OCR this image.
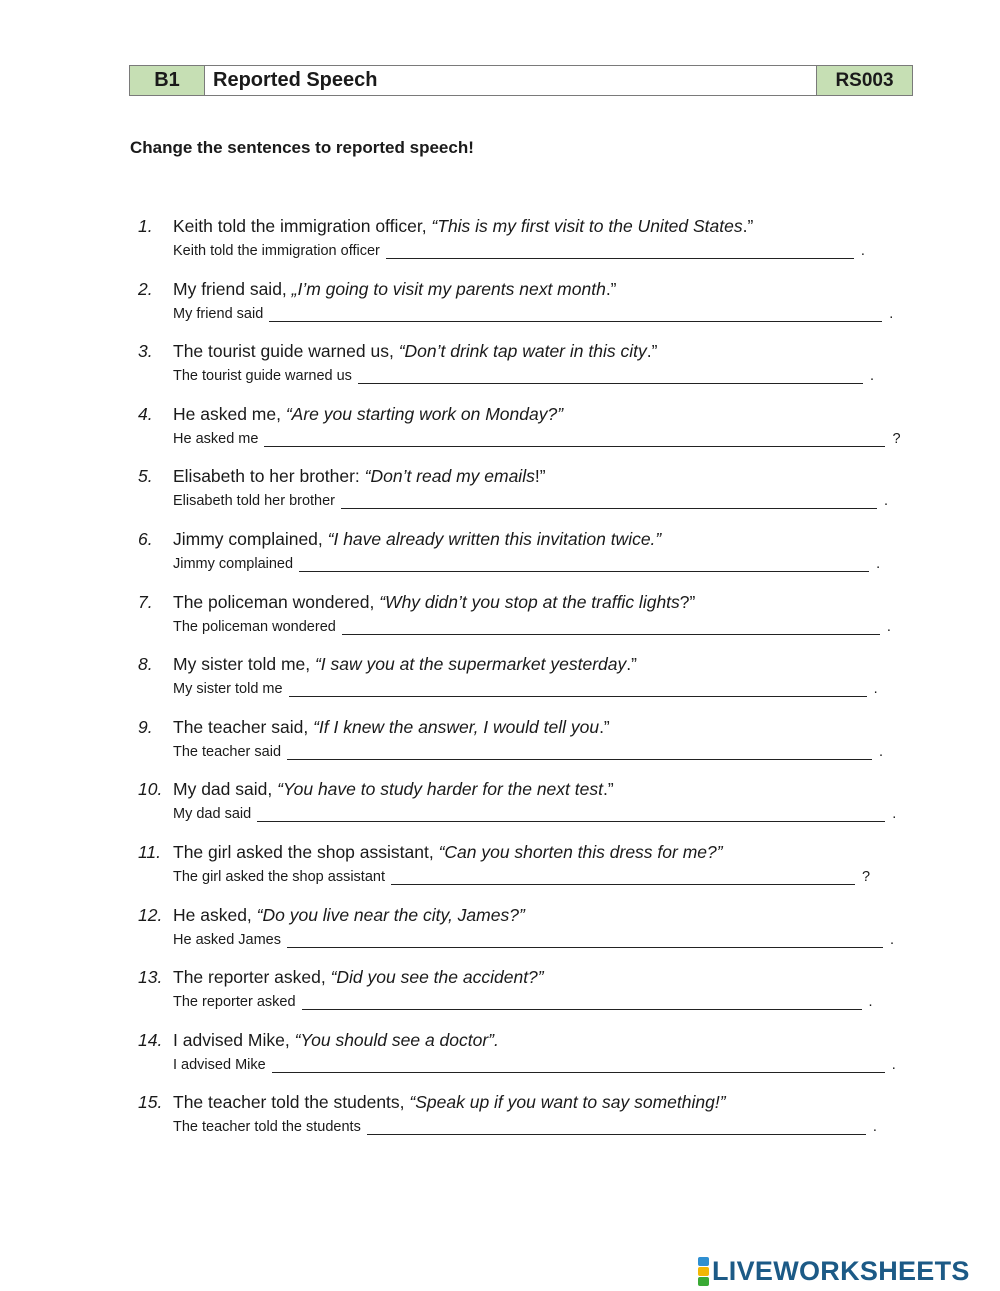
B1	Reported Speech	RS003
Change the sentences to reported speech!
1. Keith told the immigration officer, “This is my first visit to the United States.”
Keith told the immigration officer	.
2. My friend said, „I’m going to visit my parents next month.”
My friend said	.
3. The tourist guide warned us, “Don’t drink tap water in this city.”
The tourist guide warned us	.
4. He asked me, “Are you starting work on Monday?”
He asked me	?
5. Elisabeth to her brother: “Don’t read my emails!”
Elisabeth told her brother	.
6. Jimmy complained, “I have already written this invitation twice.”
Jimmy complained	.
7. The policeman wondered, “Why didn’t you stop at the traffic lights?”
The policeman wondered	.
8. My sister told me, “I saw you at the supermarket yesterday.”
My sister told me	.
9. The teacher said, “If I knew the answer, I would tell you.”
The teacher said	.
10. My dad said, “You have to study harder for the next test.”
My dad said	.
11. The girl asked the shop assistant, “Can you shorten this dress for me?”
The girl asked the shop assistant	?
12. He asked, “Do you live near the city, James?”
He asked James	.
13. The reporter asked, “Did you see the accident?”
The reporter asked	.
14. I advised Mike, “You should see a doctor”.
I advised Mike	.
15. The teacher told the students, “Speak up if you want to say something!”
The teacher told the students	.
LIVEWORKSHEETS
